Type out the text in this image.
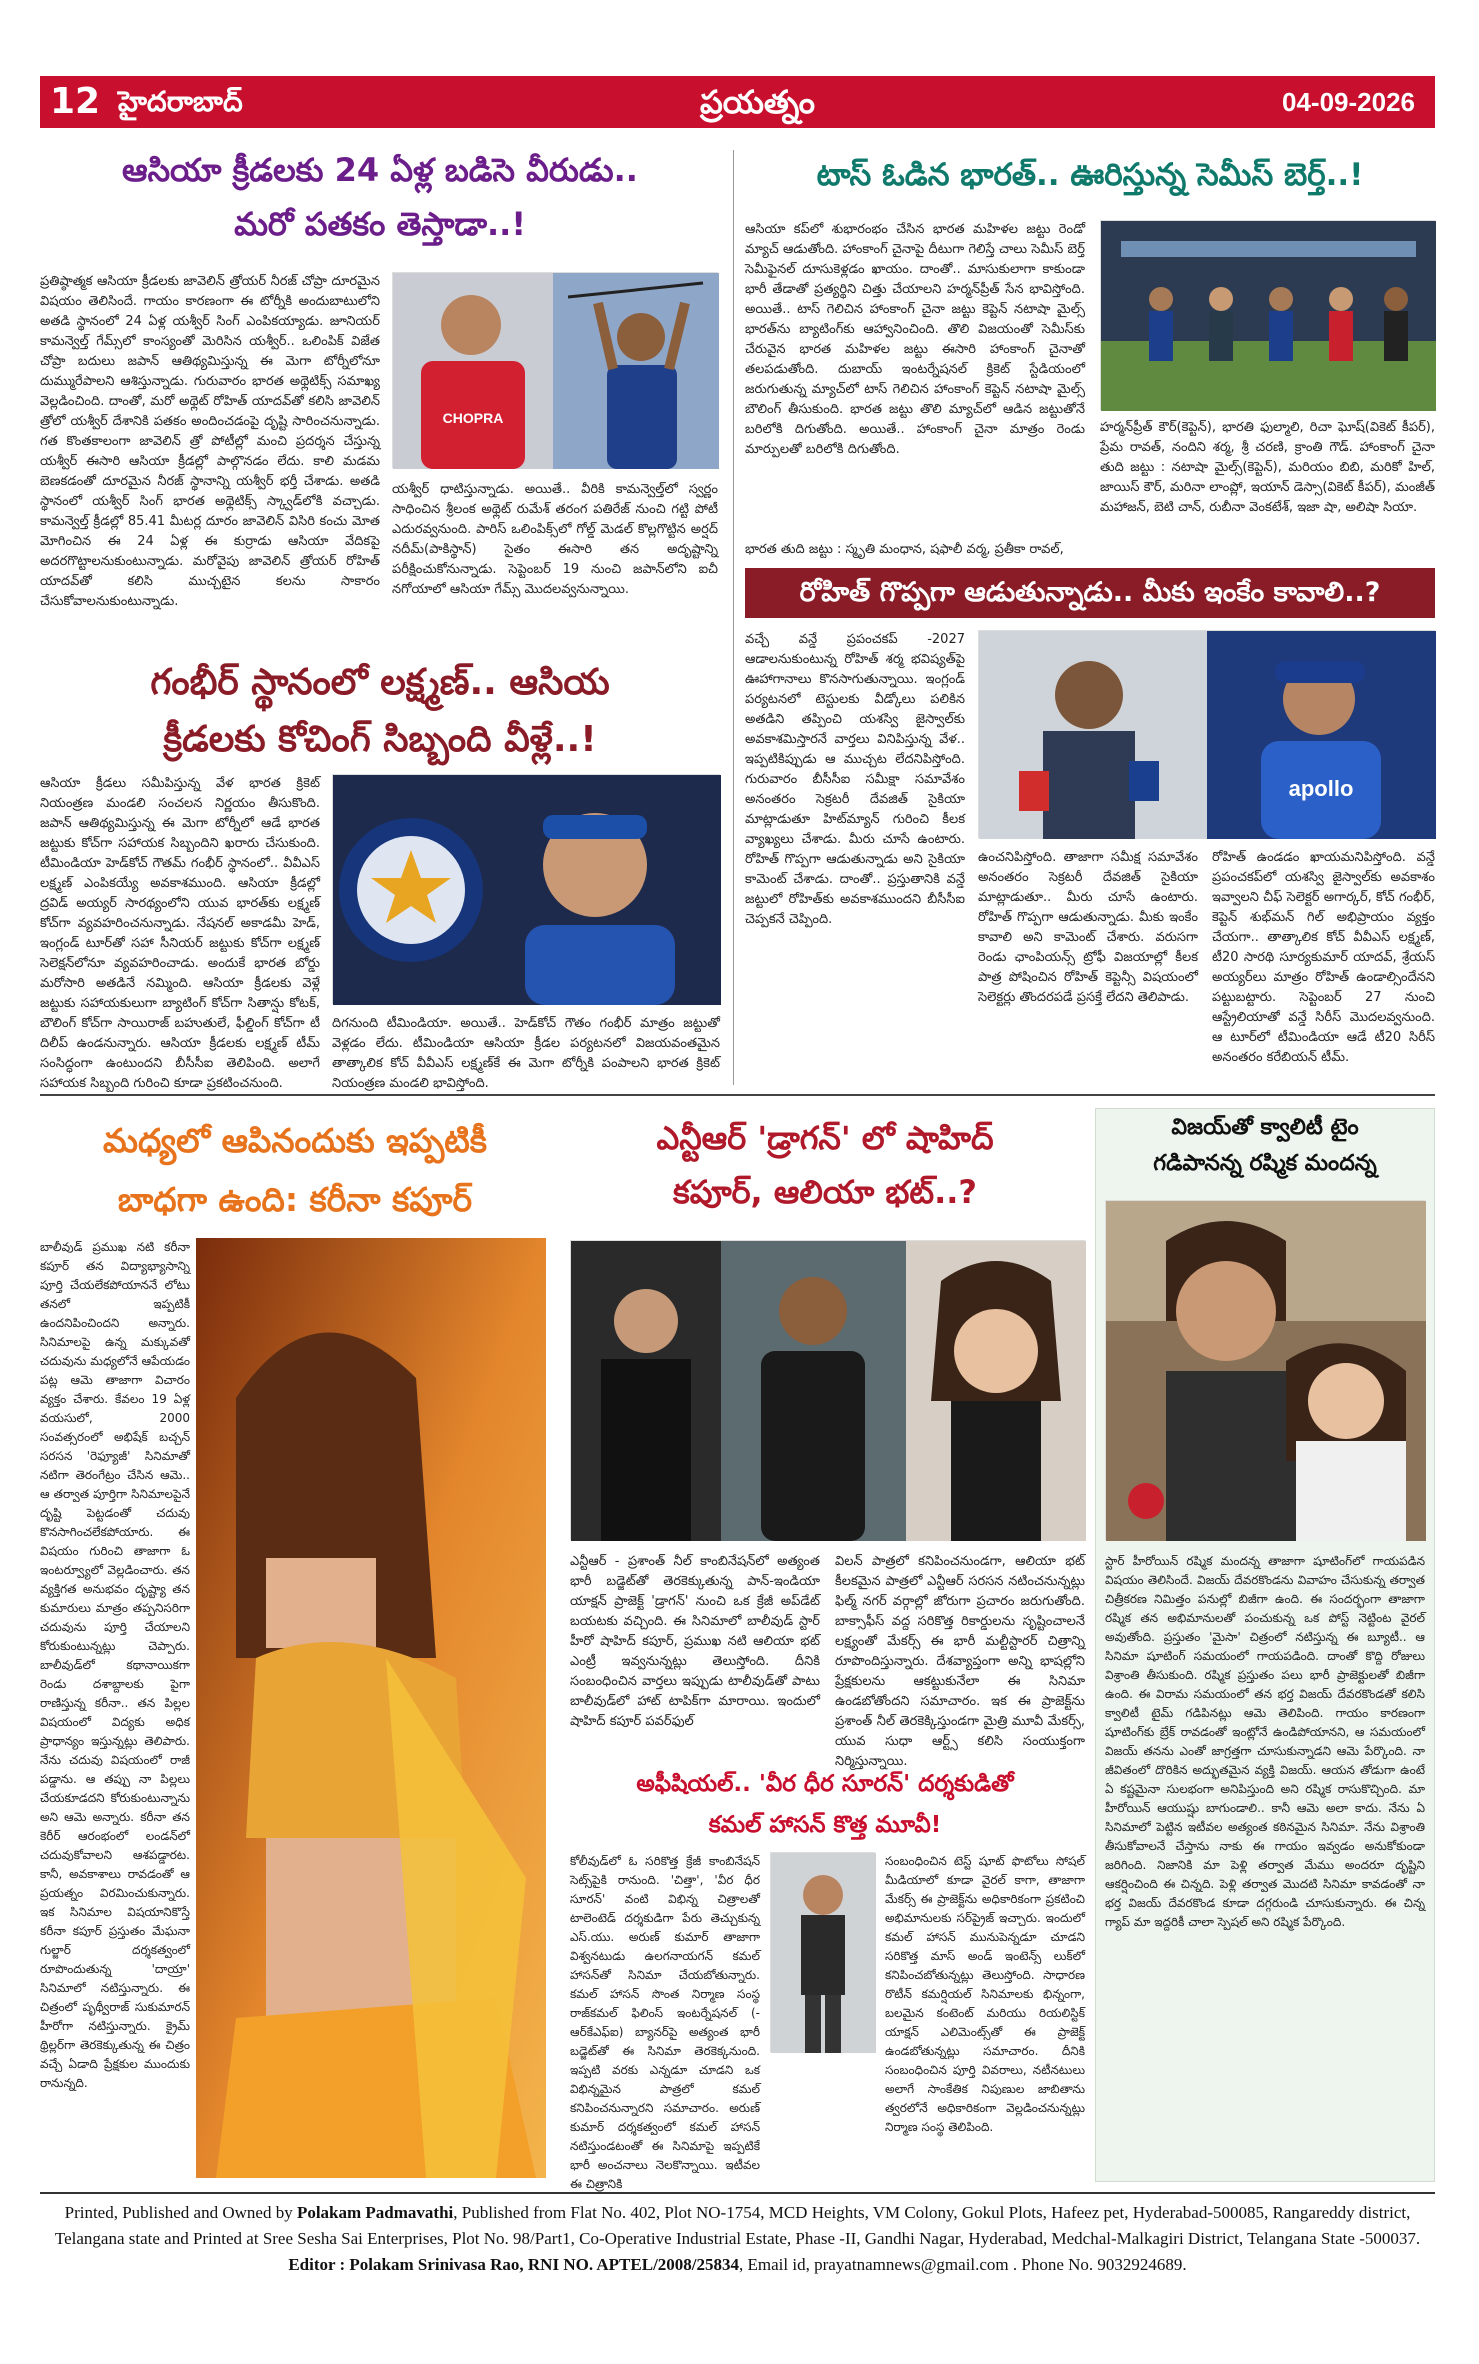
12 హైదరాబాద్	ప్రయత్నం	04-09-2026
ఆసియా క్రీడలకు 24 ఏళ్ల బడిసె వీరుడు..
మరో పతకం తెస్తాడా..!
ప్రతిష్ఠాత్మక ఆసియా క్రీడలకు జావెలిన్ త్రోయర్ నీరజ్ చోప్రా దూరమైన విషయం తెలిసిందే. గాయం కారణంగా ఈ టోర్నీకి అందుబాటులోని అతడి స్థానంలో 24 ఏళ్ల యశ్వీర్ సింగ్ ఎంపికయ్యాడు. జూనియర్ కామన్వెల్త్ గేమ్స్‌లో కాంస్యంతో మెరిసిన యశ్వీర్.. ఒలింపిక్ విజేత చోప్రా బదులు జపాన్ ఆతిథ్యమిస్తున్న ఈ మెగా టోర్నీలోనూ దుమ్మురేపాలని ఆశిస్తున్నాడు. గురువారం భారత అథ్లెటిక్స్ సమాఖ్య వెల్లడించింది. దాంతో, మరో అథ్లెట్ రోహిత్ యాదవ్‌తో కలిసి జావెలిన్ త్రోలో యశ్వీర్ దేశానికి పతకం అందించడంపై దృష్టి సారించనున్నాడు. గత కొంతకాలంగా జావెలిన్ త్రో పోటీల్లో మంచి ప్రదర్శన చేస్తున్న యశ్వీర్ ఈసారి ఆసియా క్రీడల్లో పాల్గొనడం లేదు. కాలి మడమ బెణకడంతో దూరమైన నీరజ్ స్థానాన్ని యశ్వీర్ భర్తీ చేశాడు. అతడి స్థానంలో యశ్వీర్ సింగ్ భారత అథ్లెటిక్స్ స్క్వాడ్‌లోకి వచ్చాడు. కామన్వెల్త్ క్రీడల్లో 85.41 మీటర్ల దూరం జావెలిన్ విసిరి కంచు మోత మోగించిన ఈ 24 ఏళ్ల ఈ కుర్రాడు ఆసియా వేదికపై అదరగొట్టాలనుకుంటున్నాడు. మరోవైపు జావెలిన్ త్రోయర్ రోహిత్ యాదవ్‌తో కలిసి ముచ్చటైన కలను సాకారం చేసుకోవాలనుకుంటున్నాడు.
CHOPRA
యశ్వీర్ ధాటిస్తున్నాడు. అయితే.. వీరికి కామన్వెల్త్‌లో స్వర్ణం సాధించిన శ్రీలంక అథ్లెట్ రుమేశ్ తరంగ పతిరేజ్ నుంచి గట్టి పోటీ ఎదురవ్వనుంది. పారిస్ ఒలింపిక్స్‌లో గోల్డ్ మెడల్ కొల్లగొట్టిన అర్షద్ నదీమ్(పాకిస్థాన్) సైతం ఈసారి తన అదృష్టాన్ని పరీక్షించుకోనున్నాడు. సెప్టెంబర్ 19 నుంచి జపాన్‌లోని ఐచీ నగోయాలో ఆసియా గేమ్స్ మొదలవ్వనున్నాయి.
టాస్ ఓడిన భారత్.. ఊరిస్తున్న సెమీస్ బెర్త్..!
ఆసియా కప్‌లో శుభారంభం చేసిన భారత మహిళల జట్టు రెండో మ్యాచ్ ఆడుతోంది. హాంకాంగ్ చైనాపై దీటుగా గెలిస్తే చాలు సెమీస్ బెర్త్ సెమీఫైనల్ దూసుకెళ్లడం ఖాయం. దాంతో.. మాసుకులాగా కాకుండా భారీ తేడాతో ప్రత్యర్థిని చిత్తు చేయాలని హర్మన్‌ప్రీత్ సేన భావిస్తోంది. అయితే.. టాస్ గెలిచిన హాంకాంగ్ చైనా జట్టు కెప్టెన్ నటాషా మైల్స్ భారత్‌ను బ్యాటింగ్‌కు ఆహ్వానించింది. తొలి విజయంతో సెమీస్‌కు చేరువైన భారత మహిళల జట్టు ఈసారి హాంకాంగ్ చైనాతో తలపడుతోంది. దుబాయ్ ఇంటర్నేషనల్ క్రికెట్ స్టేడియంలో జరుగుతున్న మ్యాచ్‌లో టాస్ గెలిచిన హాంకాంగ్ కెప్టెన్ నటాషా మైల్స్ బౌలింగ్ తీసుకుంది. భారత జట్టు తొలి మ్యాచ్‌లో ఆడిన జట్టుతోనే బరిలోకి దిగుతోంది. అయితే.. హాంకాంగ్ చైనా మాత్రం రెండు మార్పులతో బరిలోకి దిగుతోంది.
హర్మన్‌ప్రీత్ కౌర్(కెప్టెన్), భారతి ఫుల్మాలి, రిచా ఘోష్(వికెట్ కీపర్), ప్రేమ రావత్, నందిని శర్మ, శ్రీ చరణి, క్రాంతి గౌడ్. హాంకాంగ్ చైనా తుది జట్టు : నటాషా మైల్స్(కెప్టెన్), మరియం బిబి, మరికో హిల్, జాయిస్ కౌర్, మరినా లాంప్లో, ఇయాన్ డెస్సా(వికెట్ కీపర్), మంజీత్ మహాజన్, బెటి చాన్, రుబీనా వెంకటేశ్, ఇజా షా, అలిషా సియా.
భారత తుది జట్టు : స్మృతి మంధాన, షఫాలీ వర్మ, ప్రతీకా రావల్,
గంభీర్ స్థానంలో లక్ష్మణ్.. ఆసియ
క్రీడలకు కోచింగ్ సిబ్బంది వీళ్లే..!
ఆసియా క్రీడలు సమీపిస్తున్న వేళ భారత క్రికెట్ నియంత్రణ మండలి సంచలన నిర్ణయం తీసుకొంది. జపాన్ ఆతిథ్యమిస్తున్న ఈ మెగా టోర్నీలో ఆడే భారత జట్టుకు కోచ్‌గా సహాయక సిబ్బందిని ఖరారు చేసుకుంది. టీమిండియా హెడ్‌కోచ్ గౌతమ్ గంభీర్ స్థానంలో.. వీవీఎస్ లక్ష్మణ్ ఎంపికయ్యే అవకాశముంది. ఆసియా క్రీడల్లో ద్రవిడ్ అయ్యర్ సారథ్యంలోని యువ భారత్‌కు లక్ష్మణ్ కోచ్‌గా వ్యవహరించనున్నాడు. నేషనల్ అకాడమీ హెడ్, ఇంగ్లండ్ టూర్‌తో సహా సీనియర్ జట్టుకు కోచ్‌గా లక్ష్మణ్ సెలెక్షన్‌లోనూ వ్యవహరించాడు. అందుకే భారత బోర్డు మరోసారి అతడినే నమ్మింది. ఆసియా క్రీడలకు వెళ్లే జట్టుకు సహాయకులుగా బ్యాటింగ్ కోచ్‌గా సితాన్షు కోటక్, బౌలింగ్ కోచ్‌గా సాయిరాజ్ బహుతులే, ఫీల్డింగ్ కోచ్‌గా టీ దిలీప్ ఉండనున్నారు. ఆసియా క్రీడలకు లక్ష్మణ్ టీమ్ సంసిద్ధంగా ఉంటుందని బీసీసీఐ తెలిపింది. అలాగే సహాయక సిబ్బంది గురించి కూడా ప్రకటించనుంది.
దిగనుంది టీమిండియా. అయితే.. హెడ్‌కోచ్ గౌతం గంభీర్ మాత్రం జట్టుతో వెళ్లడం లేదు. టీమిండియా ఆసియా క్రీడల పర్యటనలో విజయవంతమైన తాత్కాలిక కోచ్ వీవీఎస్ లక్ష్మణ్‌కే ఈ మెగా టోర్నీకి పంపాలని భారత క్రికెట్ నియంత్రణ మండలి భావిస్తోంది.
రోహిత్ గొప్పగా ఆడుతున్నాడు.. మీకు ఇంకేం కావాలి..?
వచ్చే వన్డే ప్రపంచకప్ -2027 ఆడాలనుకుంటున్న రోహిత్ శర్మ భవిష్యత్‌పై ఊహాగానాలు కొనసాగుతున్నాయి. ఇంగ్లండ్ పర్యటనలో టెస్టులకు వీడ్కోలు పలికిన అతడిని తప్పించి యశస్వి జైస్వాల్‌కు అవకాశమిస్తారనే వార్తలు వినిపిస్తున్న వేళ.. ఇప్పటికిప్పుడు ఆ ముచ్చట లేదనిపిస్తోంది. గురువారం బీసీసీఐ సమీక్షా సమావేశం అనంతరం సెక్రటరీ దేవజిత్ సైకియా మాట్లాడుతూ హిట్‌మ్యాన్ గురించి కీలక వ్యాఖ్యలు చేశాడు. మీరు చూసే ఉంటారు. రోహిత్ గొప్పగా ఆడుతున్నాడు అని సైకియా కామెంట్ చేశాడు. దాంతో.. ప్రస్తుతానికి వన్డే జట్టులో రోహిత్‌కు అవకాశముందని బీసీసీఐ చెప్పకనే చెప్పింది.
apollo
ఉంచనిపిస్తోంది. తాజాగా సమీక్ష సమావేశం అనంతరం సెక్రటరీ దేవజిత్ సైకియా మాట్లాడుతూ.. మీరు చూసే ఉంటారు. రోహిత్ గొప్పగా ఆడుతున్నాడు. మీకు ఇంకేం కావాలి అని కామెంట్ చేశారు. వరుసగా రెండు ఛాంపియన్స్ ట్రోఫీ విజయాల్లో కీలక పాత్ర పోషించిన రోహిత్ కెప్టెన్సీ విషయంలో సెలెక్టర్లు తొందరపడే ప్రసక్తే లేదని తెలిపాడు.
రోహిత్ ఉండడం ఖాయమనిపిస్తోంది. వన్డే ప్రపంచకప్‌లో యశస్వి జైస్వాల్‌కు అవకాశం ఇవ్వాలని చీఫ్ సెలెక్టర్ అగార్కర్, కోచ్ గంభీర్, కెప్టెన్ శుభ్‌మన్ గిల్ అభిప్రాయం వ్యక్తం చేయగా.. తాత్కాలిక కోచ్ వీవీఎస్ లక్ష్మణ్, టీ20 సారథి సూర్యకుమార్ యాదవ్, శ్రేయస్ అయ్యర్‌లు మాత్రం రోహిత్ ఉండాల్సిందేనని పట్టుబట్టారు. సెప్టెంబర్ 27 నుంచి ఆస్ట్రేలియాతో వన్డే సిరీస్ మొదలవ్వనుంది. ఆ టూర్‌లో టీమిండియా ఆడే టీ20 సిరీస్ అనంతరం కరేబియన్ టీమ్.
మధ్యలో ఆపినందుకు ఇప్పటికీ
బాధగా ఉంది: కరీనా కపూర్
బాలీవుడ్ ప్రముఖ నటి కరీనా కపూర్ తన విద్యాభ్యాసాన్ని పూర్తి చేయలేకపోయాననే లోటు తనలో ఇప్పటికీ ఉందనిపించిందని అన్నారు. సినిమాలపై ఉన్న మక్కువతో చదువును మధ్యలోనే ఆపేయడం పట్ల ఆమె తాజాగా విచారం వ్యక్తం చేశారు. కేవలం 19 ఏళ్ల వయసులో, 2000 సంవత్సరంలో అభిషేక్ బచ్చన్ సరసన 'రెఫ్యూజీ' సినిమాతో నటిగా తెరంగేట్రం చేసిన ఆమె.. ఆ తర్వాత పూర్తిగా సినిమాలపైనే దృష్టి పెట్టడంతో చదువు కొనసాగించలేకపోయారు. ఈ విషయం గురించి తాజాగా ఓ ఇంటర్వ్యూలో వెల్లడించారు. తన వ్యక్తిగత అనుభవం దృష్ట్యా తన కుమారులు మాత్రం తప్పనిసరిగా చదువును పూర్తి చేయాలని కోరుకుంటున్నట్లు చెప్పారు. బాలీవుడ్‌లో కథానాయికగా రెండు దశాబ్దాలకు పైగా రాణిస్తున్న కరీనా.. తన పిల్లల విషయంలో విద్యకు అధిక ప్రాధాన్యం ఇస్తున్నట్లు తెలిపారు. నేను చదువు విషయంలో రాజీ పడ్డాను. ఆ తప్పు నా పిల్లలు చేయకూడదని కోరుకుంటున్నాను అని ఆమె అన్నారు. కరీనా తన కెరీర్ ఆరంభంలో లండన్‌లో చదువుకోవాలని ఆశపడ్డారట. కానీ, అవకాశాలు రావడంతో ఆ ప్రయత్నం విరమించుకున్నారు. ఇక సినిమాల విషయానికొస్తే కరీనా కపూర్ ప్రస్తుతం మేఘనా గుల్జార్ దర్శకత్వంలో రూపొందుతున్న 'దాయ్రా' సినిమాలో నటిస్తున్నారు. ఈ చిత్రంలో పృథ్వీరాజ్ సుకుమారన్ హీరోగా నటిస్తున్నారు. క్రైమ్ థ్రిల్లర్‌గా తెరకెక్కుతున్న ఈ చిత్రం వచ్చే ఏడాది ప్రేక్షకుల ముందుకు రానున్నది.
ఎన్టీఆర్ 'డ్రాగన్' లో షాహిద్
కపూర్, ఆలియా భట్..?
ఎన్టీఆర్ - ప్రశాంత్ నీల్ కాంబినేషన్‌లో అత్యంత భారీ బడ్జెట్‌తో తెరకెక్కుతున్న పాన్-ఇండియా యాక్షన్ ప్రాజెక్ట్ 'డ్రాగన్' నుంచి ఒక క్రేజీ అప్‌డేట్ బయటకు వచ్చింది. ఈ సినిమాలో బాలీవుడ్ స్టార్ హీరో షాహిద్ కపూర్, ప్రముఖ నటి ఆలియా భట్ ఎంట్రీ ఇవ్వనున్నట్లు తెలుస్తోంది. దీనికి సంబంధించిన వార్తలు ఇప్పుడు టాలీవుడ్‌తో పాటు బాలీవుడ్‌లో హాట్ టాపిక్‌గా మారాయి. ఇందులో షాహిద్ కపూర్ పవర్‌ఫుల్
విలన్ పాత్రలో కనిపించనుండగా, ఆలియా భట్ కీలకమైన పాత్రలో ఎన్టీఆర్ సరసన నటించనున్నట్లు ఫిల్మ్ నగర్ వర్గాల్లో జోరుగా ప్రచారం జరుగుతోంది. బాక్సాఫీస్ వద్ద సరికొత్త రికార్డులను సృష్టించాలనే లక్ష్యంతో మేకర్స్ ఈ భారీ మల్టీస్టారర్ చిత్రాన్ని రూపొందిస్తున్నారు. దేశవ్యాప్తంగా అన్ని భాషల్లోని ప్రేక్షకులను ఆకట్టుకునేలా ఈ సినిమా ఉండబోతోందని సమాచారం. ఇక ఈ ప్రాజెక్ట్‌ను ప్రశాంత్ నీల్ తెరకెక్కిస్తుండగా మైత్రి మూవీ మేకర్స్, యువ సుధా ఆర్ట్స్ కలిసి సంయుక్తంగా నిర్మిస్తున్నాయి.
అఫీషియల్.. 'వీర ధీర సూరన్' దర్శకుడితో
కమల్ హాసన్ కొత్త మూవీ!
కోలీవుడ్‌లో ఓ సరికొత్త క్రేజీ కాంబినేషన్ సెట్స్‌పైకి రానుంది. 'చిత్తా', 'వీర ధీర సూరన్' వంటి విభిన్న చిత్రాలతో టాలెంటెడ్ దర్శకుడిగా పేరు తెచ్చుకున్న ఎస్.యు. అరుణ్ కుమార్ తాజాగా విశ్వనటుడు ఉలగనాయగన్ కమల్ హాసన్‌తో సినిమా చేయబోతున్నారు. కమల్ హాసన్ సొంత నిర్మాణ సంస్థ రాజ్‌కమల్ ఫిలింస్ ఇంటర్నేషనల్ (-ఆర్‌కేఎఫ్‌ఐ) బ్యానర్‌పై అత్యంత భారీ బడ్జెట్‌తో ఈ సినిమా తెరకెక్కనుంది. ఇప్పటి వరకు ఎన్నడూ చూడని ఒక విభిన్నమైన పాత్రలో కమల్ కనిపించనున్నారని సమాచారం. అరుణ్ కుమార్ దర్శకత్వంలో కమల్ హాసన్ నటిస్తుండటంతో ఈ సినిమాపై ఇప్పటికే భారీ అంచనాలు నెలకొన్నాయి. ఇటీవల ఈ చిత్రానికి
సంబంధించిన టెస్ట్ షూట్ ఫొటోలు సోషల్ మీడియాలో కూడా వైరల్ కాగా, తాజాగా మేకర్స్ ఈ ప్రాజెక్ట్‌ను అధికారికంగా ప్రకటించి అభిమానులకు సర్‌ప్రైజ్ ఇచ్చారు. ఇందులో కమల్ హాసన్ మునుపెన్నడూ చూడని సరికొత్త మాస్ అండ్ ఇంటెన్స్ లుక్‌లో కనిపించబోతున్నట్లు తెలుస్తోంది. సాధారణ రొటీన్ కమర్షియల్ సినిమాలకు భిన్నంగా, బలమైన కంటెంట్ మరియు రియలిస్టిక్ యాక్షన్ ఎలిమెంట్స్‌తో ఈ ప్రాజెక్ట్ ఉండబోతున్నట్లు సమాచారం. దీనికి సంబంధించిన పూర్తి వివరాలు, నటీనటులు అలాగే సాంకేతిక నిపుణుల జాబితాను త్వరలోనే అధికారికంగా వెల్లడించనున్నట్లు నిర్మాణ సంస్థ తెలిపింది.
విజయ్‌తో క్వాలిటీ టైం
గడిపానన్న రష్మిక మందన్న
స్టార్ హీరోయిన్ రష్మిక మందన్న తాజాగా షూటింగ్‌లో గాయపడిన విషయం తెలిసిందే. విజయ్ దేవరకొండను వివాహం చేసుకున్న తర్వాత చిత్రీకరణ నిమిత్తం పనుల్లో బిజీగా ఉంది. ఈ సందర్భంగా తాజాగా రష్మిక తన అభిమానులతో పంచుకున్న ఒక పోస్ట్ నెట్టింట వైరల్ అవుతోంది. ప్రస్తుతం 'మైసా' చిత్రంలో నటిస్తున్న ఈ బ్యూటీ.. ఆ సినిమా షూటింగ్ సమయంలో గాయపడింది. దాంతో కొద్ది రోజులు విశ్రాంతి తీసుకుంది. రష్మిక ప్రస్తుతం పలు భారీ ప్రాజెక్టులతో బిజీగా ఉంది. ఈ విరామ సమయంలో తన భర్త విజయ్ దేవరకొండతో కలిసి క్వాలిటీ టైమ్ గడిపినట్లు ఆమె తెలిపింది. గాయం కారణంగా షూటింగ్‌కు బ్రేక్ రావడంతో ఇంట్లోనే ఉండిపోయానని, ఆ సమయంలో విజయ్ తనను ఎంతో జాగ్రత్తగా చూసుకున్నాడని ఆమె పేర్కొంది. నా జీవితంలో దొరికిన అద్భుతమైన వ్యక్తి విజయ్. ఆయన తోడుగా ఉంటే ఏ కష్టమైనా సులభంగా అనిపిస్తుంది అని రష్మిక రాసుకొచ్చింది. మా హీరోయిన్ ఆయుష్షు బాగుండాలి.. కానీ ఆమె అలా కాదు. నేను ఏ సినిమాలో పెట్టిన ఇటీవల అత్యంత కఠినమైన సినిమా. నేను విశ్రాంతి తీసుకోవాలనే చేస్తాను నాకు ఈ గాయం ఇవ్వడం అనుకోకుండా జరిగింది. నిజానికి మా పెళ్లి తర్వాత మేము అందరూ దృష్టిని ఆకర్షించింది ఈ చిన్నది. పెళ్లి తర్వాత మొదటి సినిమా కావడంతో నా భర్త విజయ్ దేవరకొండ కూడా దగ్గరుండి చూసుకున్నారు. ఈ చిన్న గ్యాప్ మా ఇద్దరికీ చాలా స్పెషల్ అని రష్మిక పేర్కొంది.

Printed, Published and Owned by Polakam Padmavathi, Published from Flat No. 402, Plot NO-1754, MCD Heights, VM Colony, Gokul Plots, Hafeez pet, Hyderabad-500085, Rangareddy district, Telangana state and Printed at Sree Sesha Sai Enterprises, Plot No. 98/Part1, Co-Operative Industrial Estate, Phase -II, Gandhi Nagar, Hyderabad, Medchal-Malkagiri District, Telangana State -500037. Editor : Polakam Srinivasa Rao, RNI NO. APTEL/2008/25834, Email id, prayatnamnews@gmail.com . Phone No. 9032924689.
